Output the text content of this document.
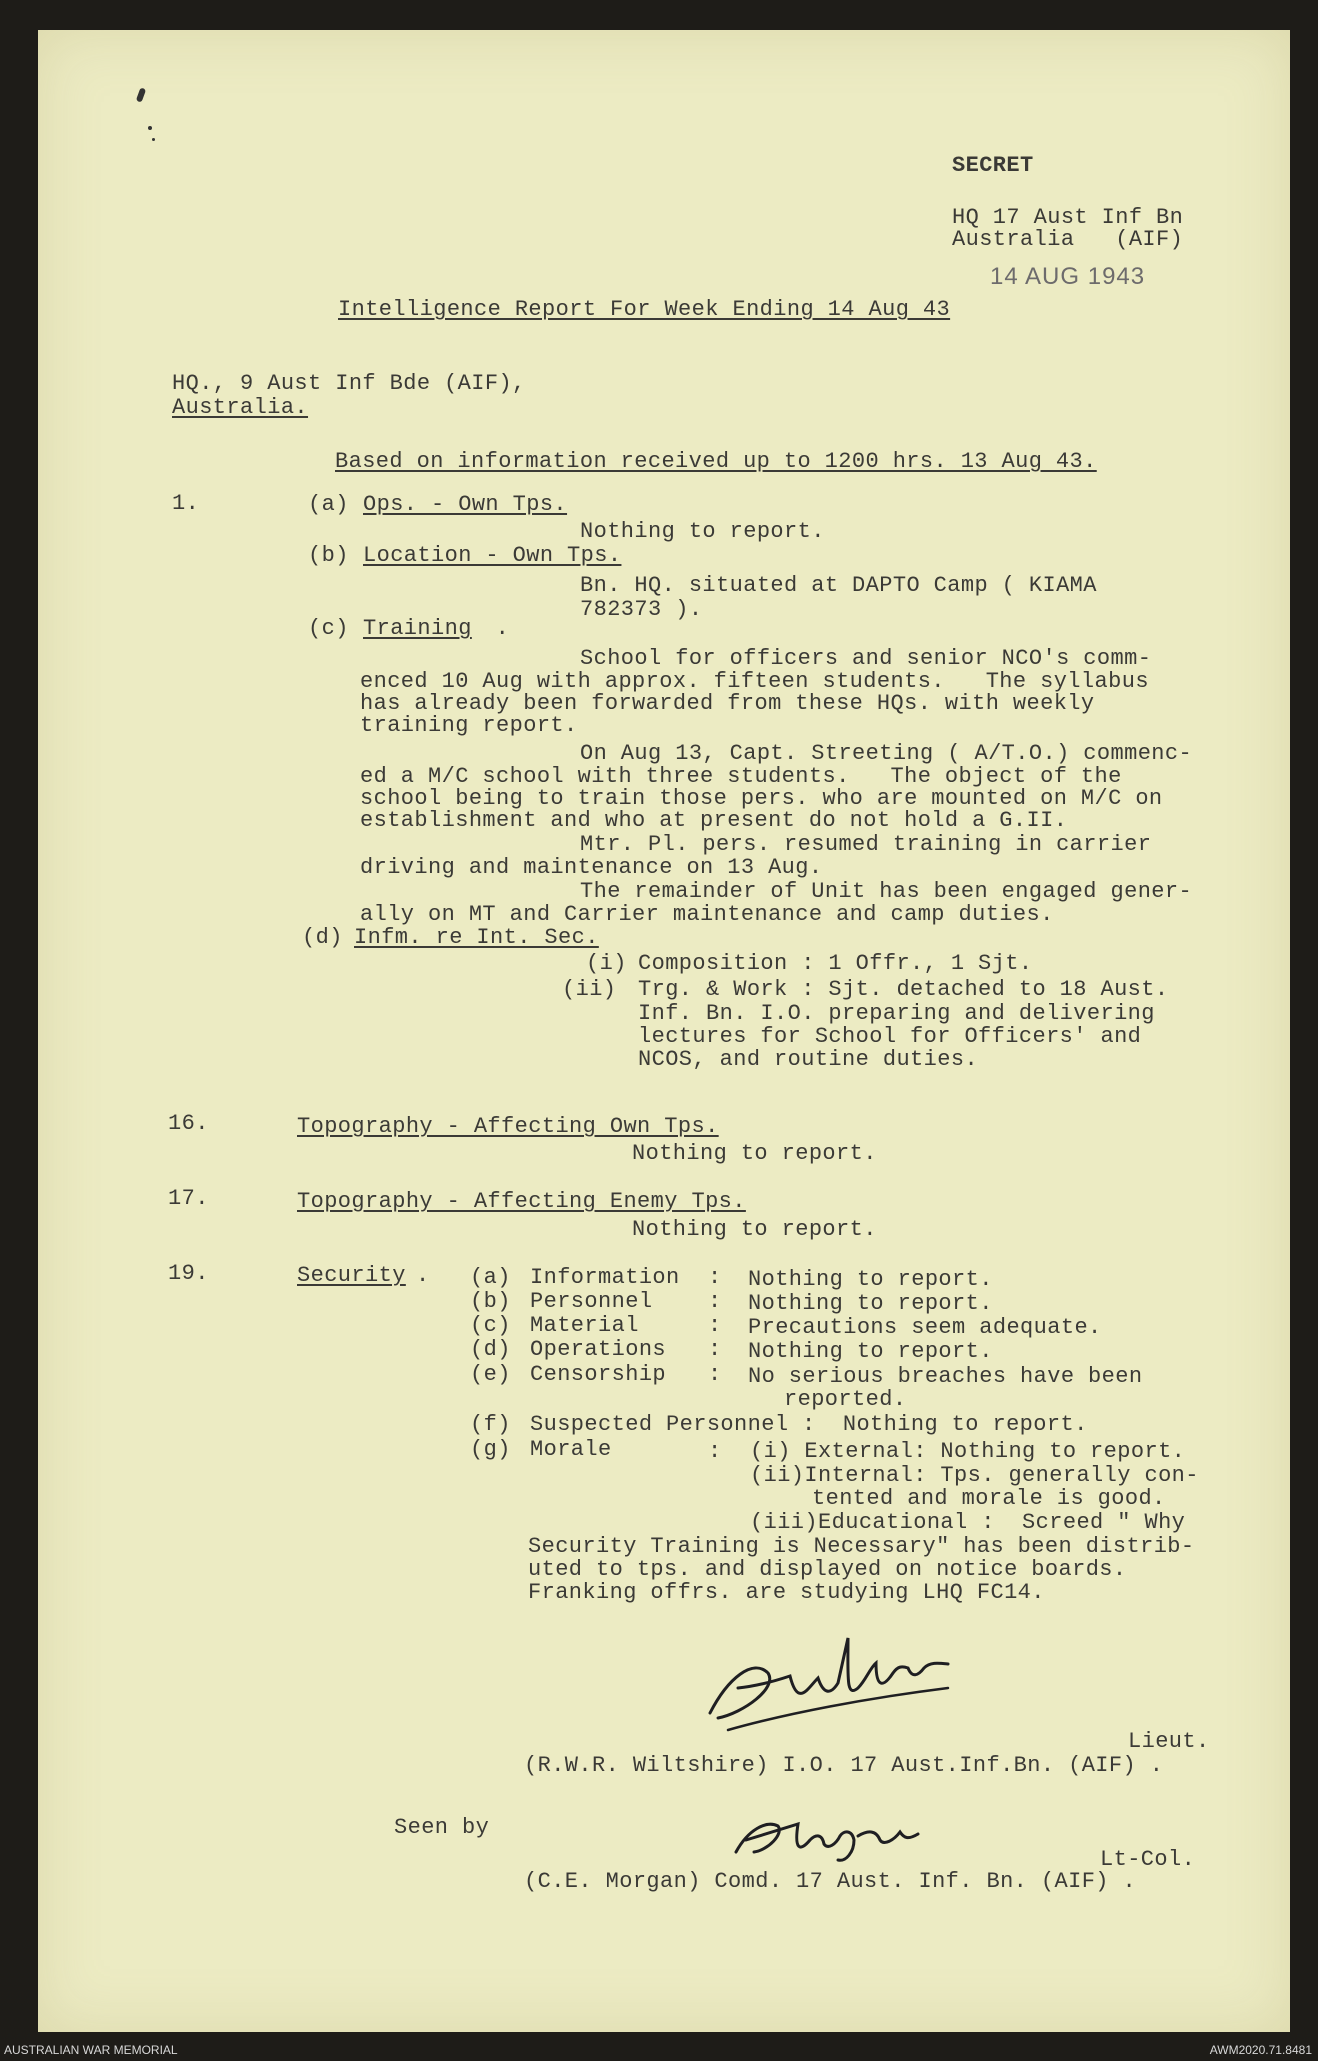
SECRET
HQ 17 Aust Inf Bn
Australia   (AIF)
14 AUG 1943
Intelligence Report For Week Ending 14 Aug 43
HQ., 9 Aust Inf Bde (AIF),
Australia.
Based on information received up to 1200 hrs. 13 Aug 43.
1.	(a) Ops. - Own Tps.
Nothing to report.
(b) Location - Own Tps.
Bn. HQ. situated at DAPTO Camp ( KIAMA
782373 ).
(c) Training .
School for officers and senior NCO's comm-
enced 10 Aug with approx. fifteen students.   The syllabus
has already been forwarded from these HQs. with weekly
training report.
On Aug 13, Capt. Streeting ( A/T.O.) commenc-
ed a M/C school with three students.   The object of the
school being to train those pers. who are mounted on M/C on
establishment and who at present do not hold a G.II.
Mtr. Pl. pers. resumed training in carrier
driving and maintenance on 13 Aug.
The remainder of Unit has been engaged gener-
ally on MT and Carrier maintenance and camp duties.
(d) Infm. re Int. Sec.
(i) Composition : 1 Offr., 1 Sjt.
(ii) Trg. & Work : Sjt. detached to 18 Aust.
Inf. Bn. I.O. preparing and delivering
lectures for School for Officers' and
NCOS, and routine duties.
16.	Topography - Affecting Own Tps.
Nothing to report.
17.	Topography - Affecting Enemy Tps.
Nothing to report.
19.	Security . (a) Information : Nothing to report.
(b) Personnel	: Nothing to report.
(c) Material	: Precautions seem adequate.
(d) Operations : Nothing to report.
(e) Censorship : No serious breaches have been
reported.
(f) Suspected Personnel :  Nothing to report.
(g) Morale	: (i) External: Nothing to report.
(ii)Internal: Tps. generally con-
tented and morale is good.
(iii)Educational :  Screed " Why
Security Training is Necessary" has been distrib-
uted to tps. and displayed on notice boards.
Franking offrs. are studying LHQ FC14.
Lieut.
(R.W.R. Wiltshire) I.O. 17 Aust.Inf.Bn. (AIF) .
Seen by
Lt-Col.
(C.E. Morgan) Comd. 17 Aust. Inf. Bn. (AIF) .
AUSTRALIAN WAR MEMORIAL	AWM2020.71.8481
